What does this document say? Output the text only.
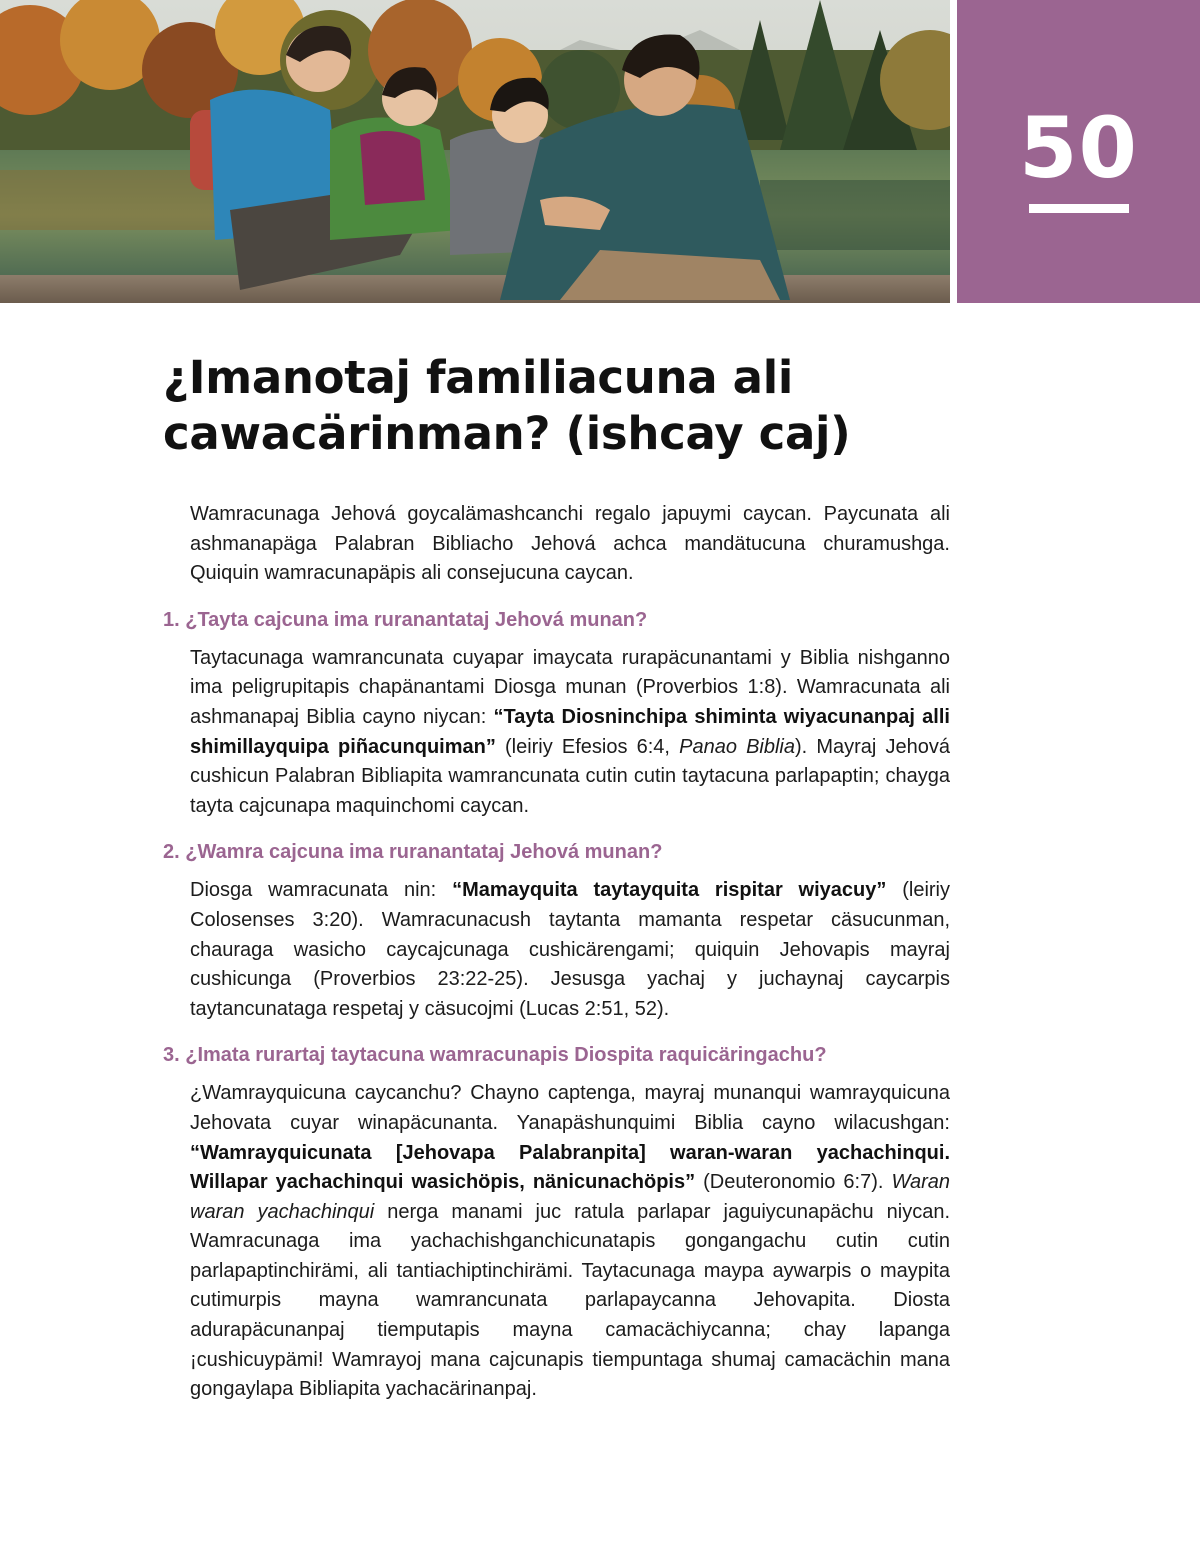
50
¿Imanotaj familiacuna ali
cawacärinman? (ishcay caj)

Wamracunaga Jehová goycalämashcanchi regalo japuymi caycan. Paycunata ali ashmanapäga Palabran Bibliacho Jehová achca mandätucuna churamushga. Quiquin wamracunapäpis ali consejucuna caycan.

1. ¿Tayta cajcuna ima ruranantataj Jehová munan?

Taytacunaga wamrancunata cuyapar imaycata rurapäcunantami y Biblia nishganno ima peligrupitapis chapänantami Diosga munan (Proverbios 1:8). Wamracunata ali ashmanapaj Biblia cayno niycan: “Tayta Diosninchipa shiminta wiyacunanpaj alli shimillayquipa piñacunquiman” (leiriy Efesios 6:4, Panao Biblia). Mayraj Jehová cushicun Palabran Bibliapita wamrancunata cutin cutin taytacuna parlapaptin; chayga tayta cajcunapa maquinchomi caycan.

2. ¿Wamra cajcuna ima ruranantataj Jehová munan?

Diosga wamracunata nin: “Mamayquita taytayquita rispitar wiyacuy” (leiriy Colosenses 3:20). Wamracunacush taytanta mamanta respetar cäsucunman, chauraga wasicho caycajcunaga cushicärengami; quiquin Jehovapis mayraj cushicunga (Proverbios 23:22-25). Jesusga yachaj y juchaynaj caycarpis taytancunataga respetaj y cäsucojmi (Lucas 2:51, 52).

3. ¿Imata rurartaj taytacuna wamracunapis Diospita raquicäringachu?

¿Wamrayquicuna caycanchu? Chayno captenga, mayraj munanqui wamrayquicuna Jehovata cuyar winapäcunanta. Yanapäshunquimi Biblia cayno wilacushgan: “Wamrayquicunata [Jehovapa Palabranpita] waran-waran yachachinqui. Willapar yachachinqui wasichöpis, nänicunachöpis” (Deuteronomio 6:7). Waran waran yachachinqui nerga manami juc ratula parlapar jaguiycunapächu niycan. Wamracunaga ima yachachishganchicunatapis gongangachu cutin cutin parlapaptinchirämi, ali tantiachiptinchirämi. Taytacunaga maypa aywarpis o maypita cutimurpis mayna wamrancunata parlapaycanna Jehovapita. Diosta adurapäcunanpaj tiemputapis mayna camacächiycanna; chay lapanga ¡cushicuypämi! Wamrayoj mana cajcunapis tiempuntaga shumaj camacächin mana gongaylapa Bibliapita yachacärinanpaj.
